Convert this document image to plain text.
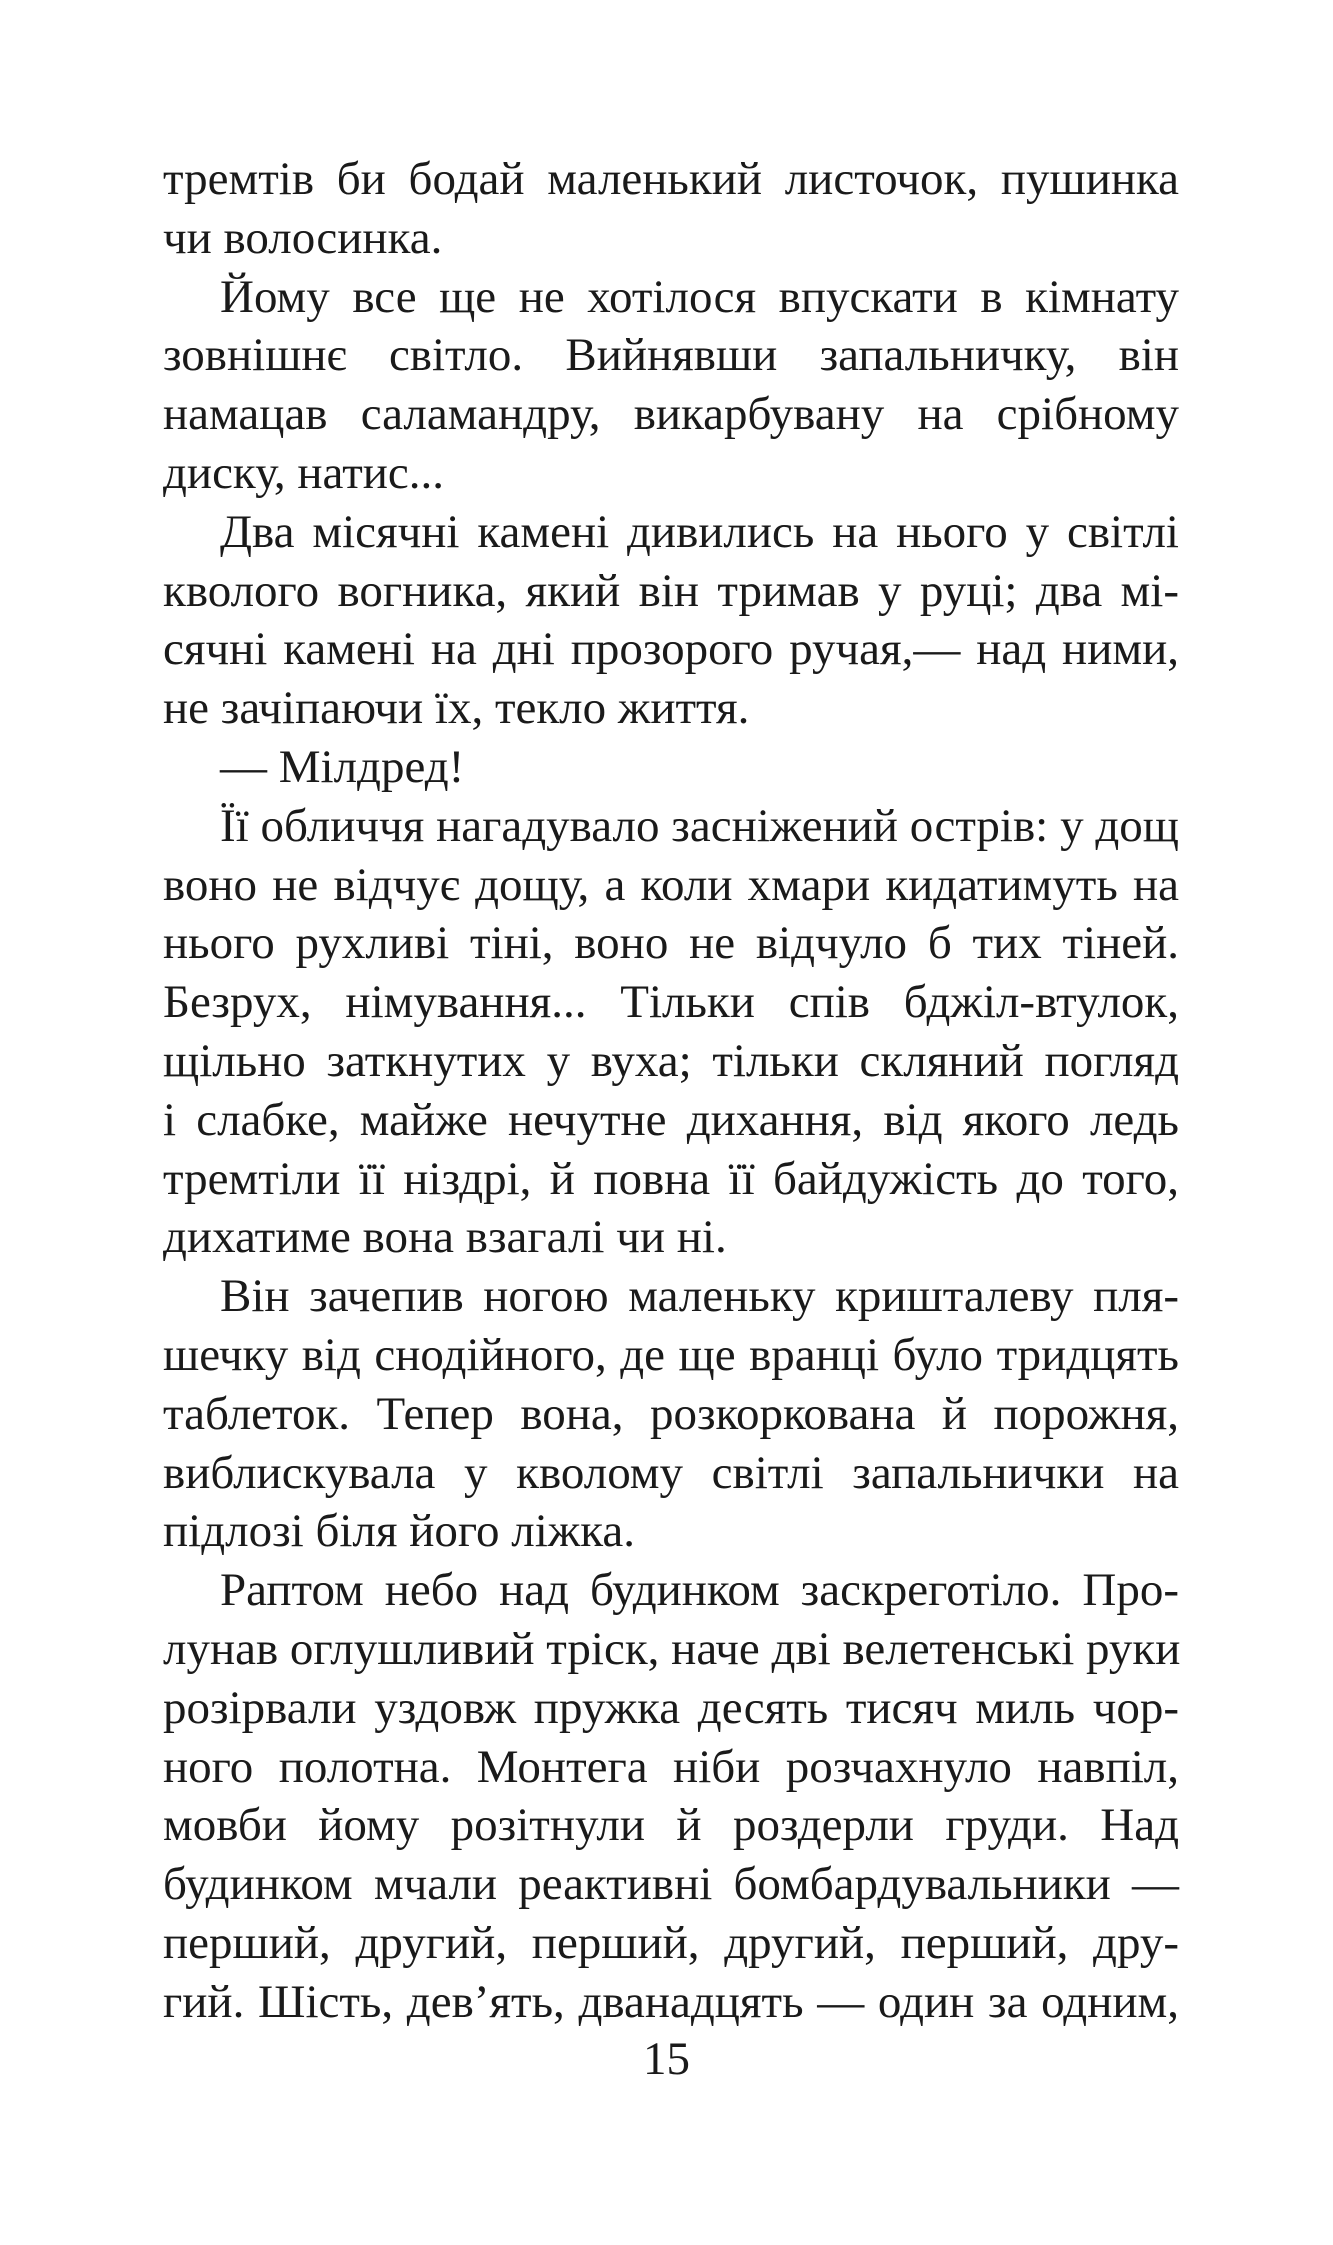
тремтів би бодай маленький листочок, пушинка
чи волосинка.
Йому все ще не хотілося впускати в кімнату
зовнішнє світло. Вийнявши запальничку, він
намацав саламандру, викарбувану на срібному
диску, натис...
Два місячні камені дивились на нього у світлі
кволого вогника, який він тримав у руці; два мі-
сячні камені на дні прозорого ручая,— над ними,
не зачіпаючи їх, текло життя.
— Мілдред!
Її обличчя нагадувало засніжений острів: у дощ
воно не відчує дощу, а коли хмари кидатимуть на
нього рухливі тіні, воно не відчуло б тих тіней.
Безрух, німування... Тільки спів бджіл-втулок,
щільно заткнутих у вуха; тільки скляний погляд
і слабке, майже нечутне дихання, від якого ледь
тремтіли її ніздрі, й повна її байдужість до того,
дихатиме вона взагалі чи ні.
Він зачепив ногою маленьку кришталеву пля-
шечку від снодійного, де ще вранці було тридцять
таблеток. Тепер вона, розкоркована й порожня,
виблискувала у кволому світлі запальнички на
підлозі біля його ліжка.
Раптом небо над будинком заскреготіло. Про-
лунав оглушливий тріск, наче дві велетенські руки
розірвали уздовж пружка десять тисяч миль чор-
ного полотна. Монтега ніби розчахнуло навпіл,
мовби йому розітнули й роздерли груди. Над
будинком мчали реактивні бомбардувальники —
перший, другий, перший, другий, перший, дру-
гий. Шість, дев’ять, дванадцять — один за одним,
15
